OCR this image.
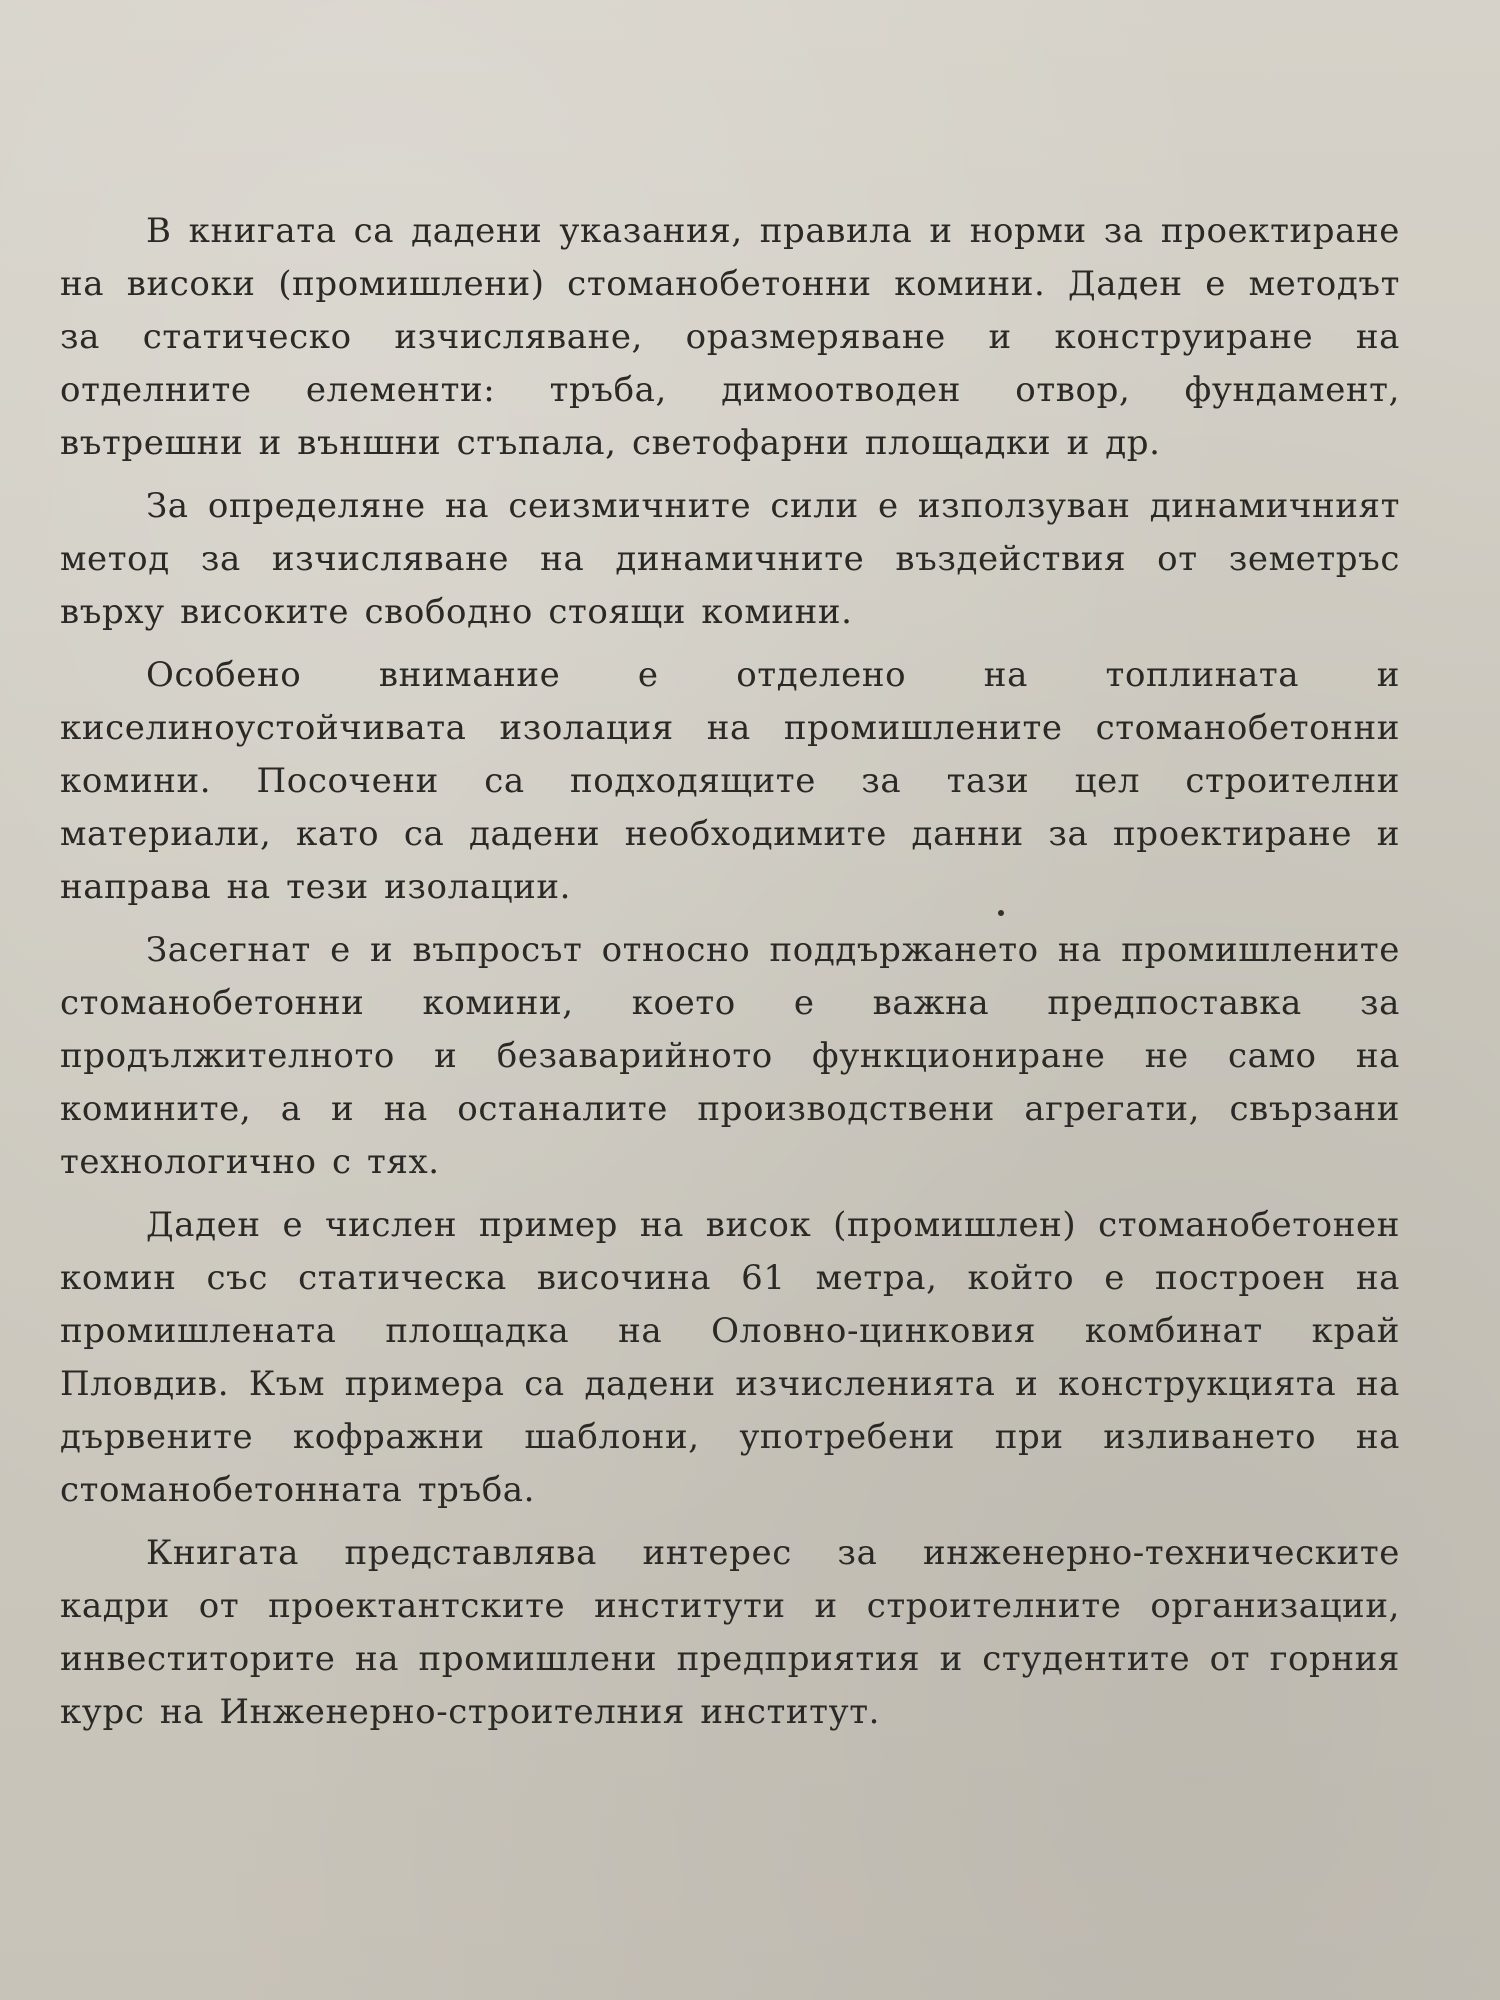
В книгата са дадени указания, правила и норми за проектиране на високи (промишлени) стоманобетонни комини. Даден е методът за статическо изчисляване, оразмеряване и конструиране на отделните елементи: тръба, димоотводен отвор, фундамент, вътрешни и външни стъпала, светофарни площадки и др.

За определяне на сеизмичните сили е използуван динамичният метод за изчисляване на динамичните въздействия от земетръс върху високите свободно стоящи комини.

Особено внимание е отделено на топлината и киселиноустойчивата изолация на промишлените стоманобетонни комини. Посочени са подходящите за тази цел строителни материали, като са дадени необходимите данни за проектиране и направа на тези изолации.

Засегнат е и въпросът относно поддържането на промишлените стоманобетонни комини, което е важна предпоставка за продължителното и безаварийното функциониране не само на комините, а и на останалите производствени агрегати, свързани технологично с тях.

Даден е числен пример на висок (промишлен) стоманобетонен комин със статическа височина 61 метра, който е построен на промишлената площадка на Оловно-цинковия комбинат край Пловдив. Към примера са дадени изчисленията и конструкцията на дървените кофражни шаблони, употребени при изливането на стоманобетонната тръба.

Книгата представлява интерес за инженерно-техническите кадри от проектантските институти и строителните организации, инвеститорите на промишлени предприятия и студентите от горния курс на Инженерно-строителния институт.
